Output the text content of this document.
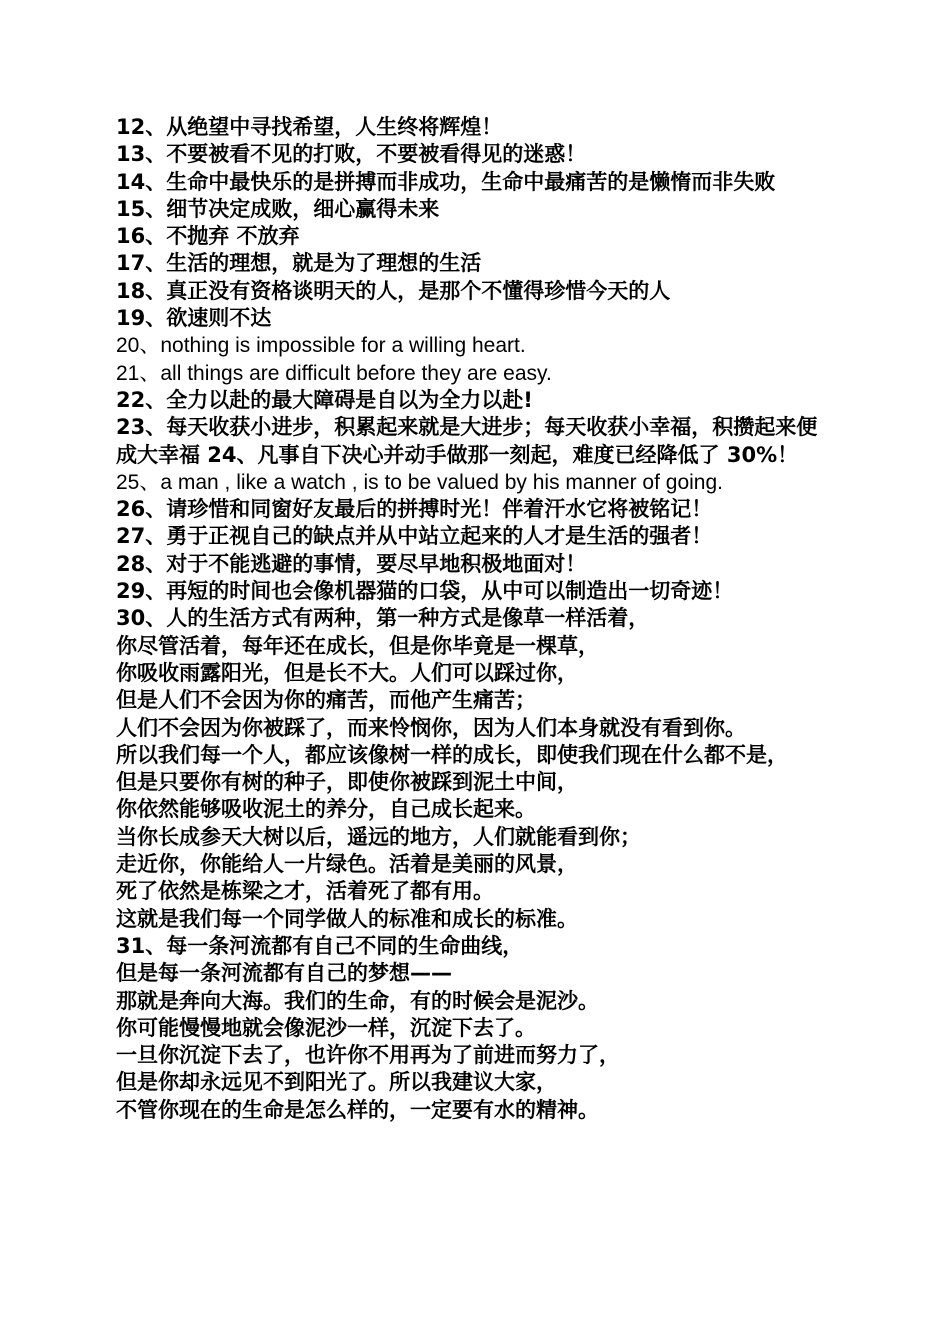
12、从绝望中寻找希望，人生终将辉煌！
13、不要被看不见的打败，不要被看得见的迷惑！
14、生命中最快乐的是拼搏而非成功，生命中最痛苦的是懒惰而非失败
15、细节决定成败，细心赢得未来
16、不抛弃 不放弃
17、生活的理想，就是为了理想的生活
18、真正没有资格谈明天的人，是那个不懂得珍惜今天的人
19、欲速则不达
20、nothing is impossible for a willing heart.
21、all things are difficult before they are easy.
22、全力以赴的最大障碍是自以为全力以赴!
23、每天收获小进步，积累起来就是大进步；每天收获小幸福，积攒起来便成大幸福 24、凡事自下决心并动手做那一刻起，难度已经降低了 30%！
25、a man , like a watch , is to be valued by his manner of going.
26、请珍惜和同窗好友最后的拼搏时光！伴着汗水它将被铭记！
27、勇于正视自己的缺点并从中站立起来的人才是生活的强者！
28、对于不能逃避的事情，要尽早地积极地面对！
29、再短的时间也会像机器猫的口袋，从中可以制造出一切奇迹！
30、人的生活方式有两种，第一种方式是像草一样活着，
你尽管活着，每年还在成长，但是你毕竟是一棵草，
你吸收雨露阳光，但是长不大。人们可以踩过你，
但是人们不会因为你的痛苦，而他产生痛苦；
人们不会因为你被踩了，而来怜悯你，因为人们本身就没有看到你。
所以我们每一个人，都应该像树一样的成长，即使我们现在什么都不是，
但是只要你有树的种子，即使你被踩到泥土中间，
你依然能够吸收泥土的养分，自己成长起来。
当你长成参天大树以后，遥远的地方，人们就能看到你；
走近你，你能给人一片绿色。活着是美丽的风景，
死了依然是栋梁之才，活着死了都有用。
这就是我们每一个同学做人的标准和成长的标准。
31、每一条河流都有自己不同的生命曲线，
但是每一条河流都有自己的梦想——
那就是奔向大海。我们的生命，有的时候会是泥沙。
你可能慢慢地就会像泥沙一样，沉淀下去了。
一旦你沉淀下去了，也许你不用再为了前进而努力了，
但是你却永远见不到阳光了。所以我建议大家，
不管你现在的生命是怎么样的，一定要有水的精神。
